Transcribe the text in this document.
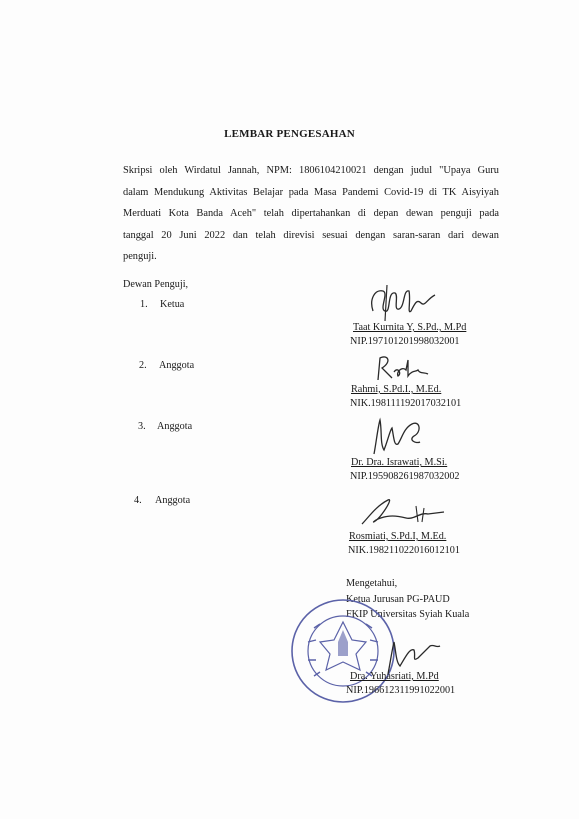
LEMBAR PENGESAHAN
Skripsi oleh Wirdatul Jannah, NPM: 1806104210021 dengan judul "Upaya Guru
dalam Mendukung Aktivitas Belajar pada Masa Pandemi Covid-19 di TK Aisyiyah
Merduati Kota Banda Aceh" telah dipertahankan di depan dewan penguji pada
tanggal 20 Juni 2022 dan telah direvisi sesuai dengan saran-saran dari dewan
penguji.
Dewan Penguji,
1. Ketua
Taat Kurnita Y, S.Pd., M.Pd
NIP.197101201998032001
2. Anggota
Rahmi, S.Pd.I., M.Ed.
NIK.198111192017032101
3. Anggota
Dr. Dra. Israwati, M.Si.
NIP.195908261987032002
4. Anggota
Rosmiati, S.Pd.I, M.Ed.
NIK.198211022016012101
Mengetahui,
Ketua Jurusan PG-PAUD
FKIP Universitas Syiah Kuala
Dra. Yuhasriati, M.Pd
NIP.196612311991022001
